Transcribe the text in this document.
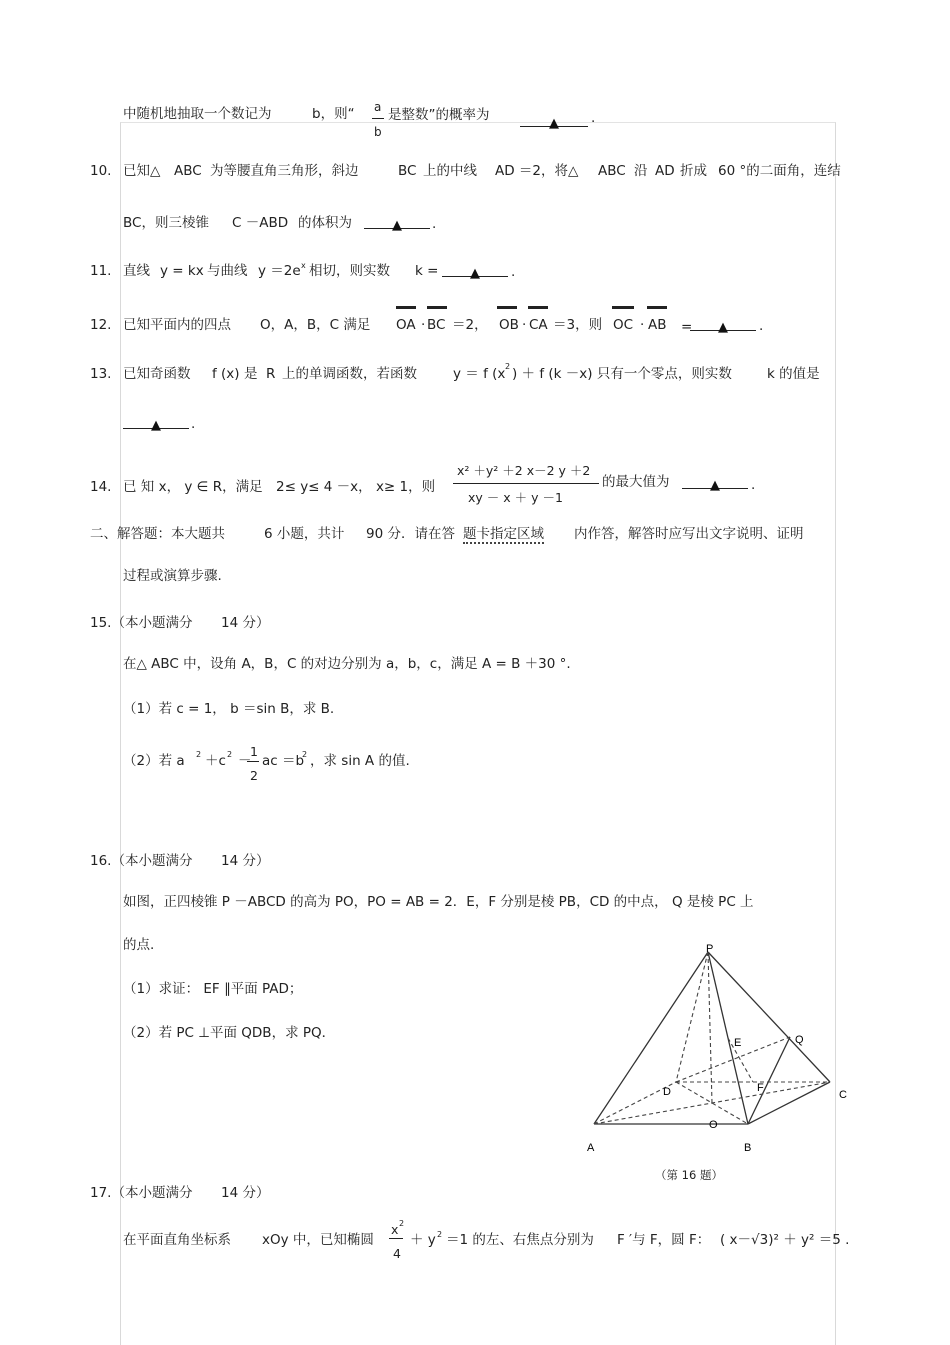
中随机地抽取一个数记为	b，则“ a
b
是整数”的概率为
▲	.
10. 已知△ ABC 为等腰直角三角形，斜边	BC 上的中线 AD ＝2，将△ ABC 沿 AD 折成 60 °的二面角，连结
BC，则三棱锥 C －ABD 的体积为	▲	.
11. 直线 y = kx 与曲线 y ＝2e x 相切，则实数 k =	▲	.
12. 已知平面内的四点 O，A，B，C 满足 OA · BC ＝2， OB · CA ＝3，则 OC · AB =	▲	.
13. 已知奇函数 f (x) 是 R 上的单调函数，若函数	y ＝ f (x 2 ) ＋ f (k －x) 只有一个零点，则实数	k 的值是
▲	.
14. 已 知 x， y ∈ R，满足 2≤ y≤ 4 －x， x≥ 1，则
x² ＋y² ＋2 x－2 y ＋2
xy － x ＋ y －1
的最大值为	▲	.
二、解答题：本大题共	6 小题，共计 90 分．请在答 题卡指定区域 内作答，解答时应写出文字说明、证明
过程或演算步骤.
15.（本小题满分 14 分）
在△ ABC 中，设角 A，B，C 的对边分别为 a，b，c，满足 A = B ＋30 °.
（1）若 c = 1， b ＝sin B，求 B.
（2）若 a 2 ＋c 2 －
1
2
ac ＝b
2 ，求 sin A 的值.
16.（本小题满分 14 分）
如图，正四棱锥 P －ABCD 的高为 PO，PO = AB = 2．E，F 分别是棱 PB，CD 的中点， Q 是棱 PC 上
的点.
（1）求证： EF ∥平面 PAD；
（2）若 PC ⊥平面 QDB，求 PQ．
P
Q
E
D	F
C
O
A	B
（第 16 题）
17.（本小题满分 14 分）
在平面直角坐标系 xOy 中，已知椭圆
x 2
4
＋ y 2 ＝1 的左、右焦点分别为 F ′与 F，圆 F： ( x－√3)² ＋ y² ＝5 .
